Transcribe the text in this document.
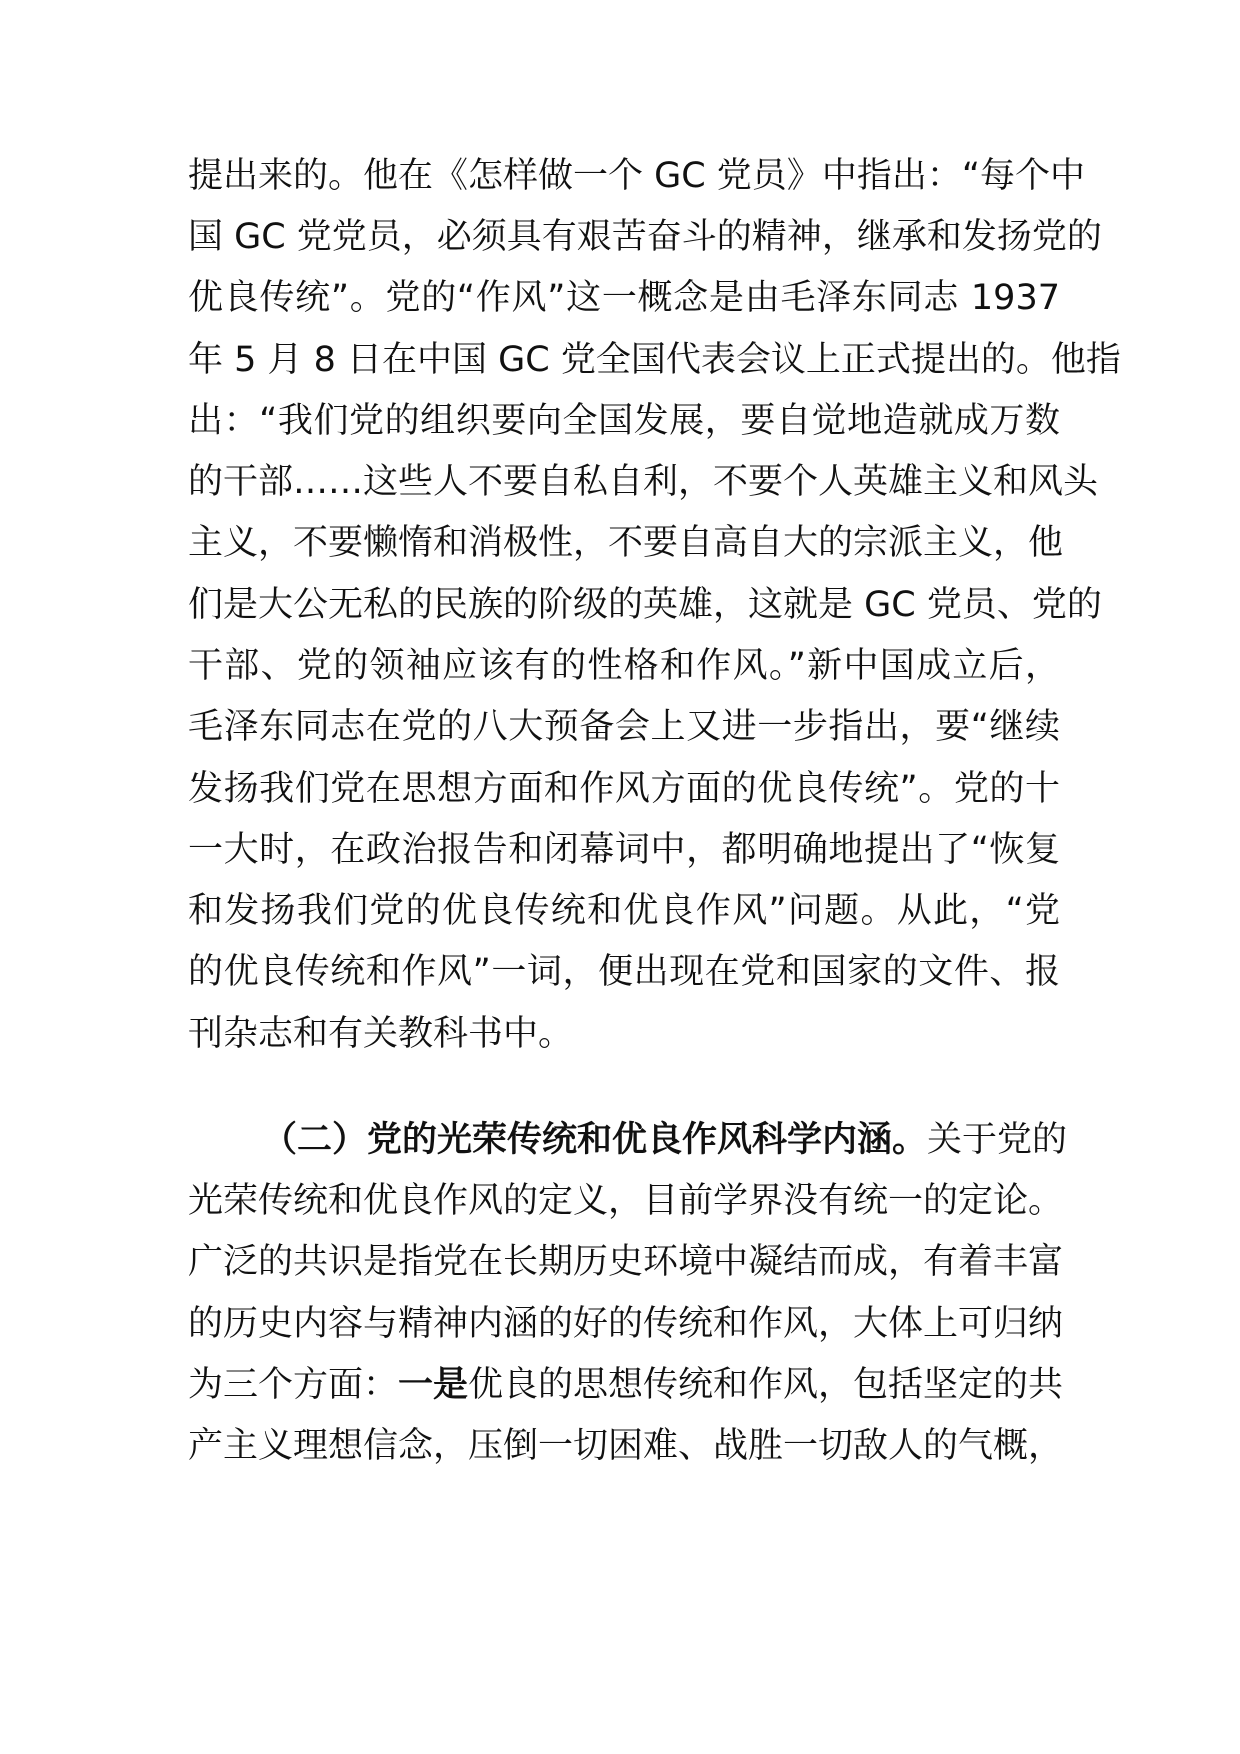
提出来的。他在《怎样做一个 GC 党员》中指出：“每个中
国 GC 党党员，必须具有艰苦奋斗的精神，继承和发扬党的
优良传统”。党的“作风”这一概念是由毛泽东同志 1937
年 5 月 8 日在中国 GC 党全国代表会议上正式提出的。他指
出：“我们党的组织要向全国发展，要自觉地造就成万数
的干部……这些人不要自私自利，不要个人英雄主义和风头
主义，不要懒惰和消极性，不要自高自大的宗派主义，他
们是大公无私的民族的阶级的英雄，这就是 GC 党员、党的
干部、党的领袖应该有的性格和作风。”新中国成立后，
毛泽东同志在党的八大预备会上又进一步指出，要“继续
发扬我们党在思想方面和作风方面的优良传统”。党的十
一大时，在政治报告和闭幕词中，都明确地提出了“恢复
和发扬我们党的优良传统和优良作风”问题。从此，“党
的优良传统和作风”一词，便出现在党和国家的文件、报
刊杂志和有关教科书中。
（二）党的光荣传统和优良作风科学内涵。关于党的
光荣传统和优良作风的定义，目前学界没有统一的定论。
广泛的共识是指党在长期历史环境中凝结而成，有着丰富
的历史内容与精神内涵的好的传统和作风，大体上可归纳
为三个方面：一是优良的思想传统和作风，包括坚定的共
产主义理想信念，压倒一切困难、战胜一切敌人的气概，
